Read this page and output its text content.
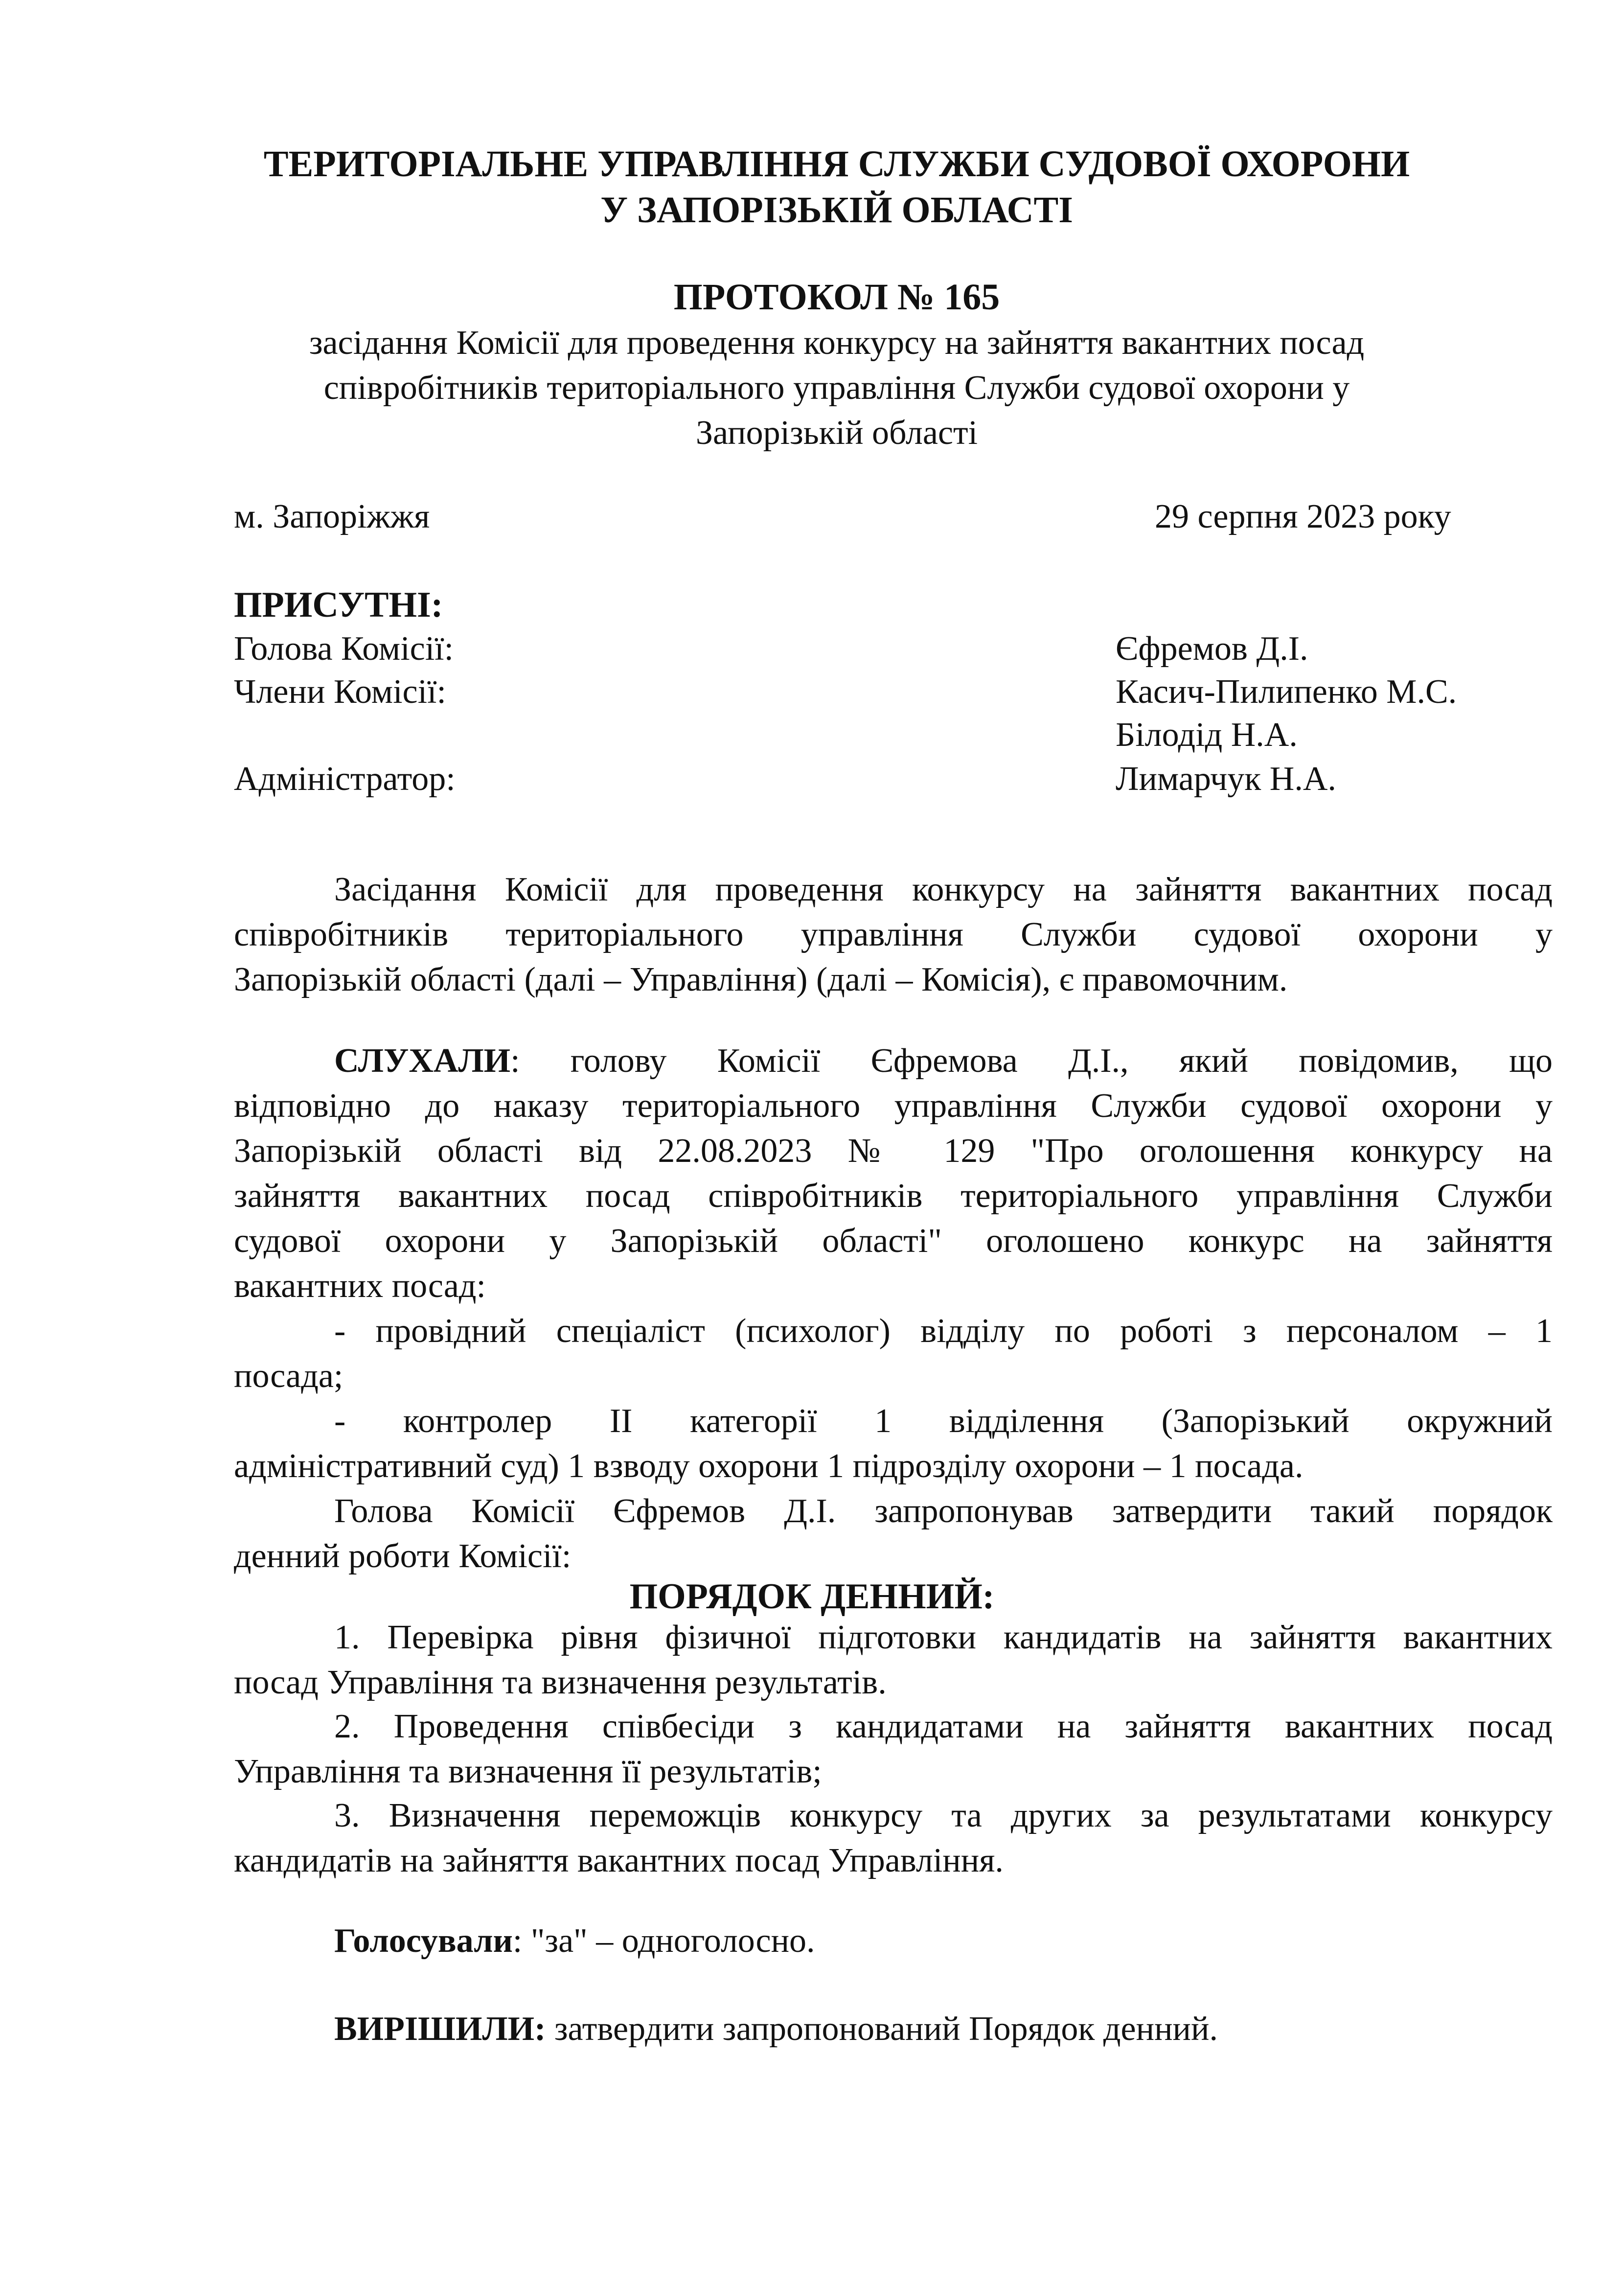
ТЕРИТОРІАЛЬНЕ УПРАВЛІННЯ СЛУЖБИ СУДОВОЇ ОХОРОНИ
У ЗАПОРІЗЬКІЙ ОБЛАСТІ
ПРОТОКОЛ № 165
засідання Комісії для проведення конкурсу на зайняття вакантних посад
співробітників територіального управління Служби судової охорони у
Запорізькій області
м. Запоріжжя	29 серпня 2023 року
ПРИСУТНІ:
Голова Комісії:	Єфремов Д.І.
Члени Комісії:	Касич-Пилипенко М.С.
Білодід Н.А.
Адміністратор:	Лимарчук Н.А.
Засідання Комісії для проведення конкурсу на зайняття вакантних посад
співробітників територіального управління Служби судової охорони у
Запорізькій області (далі – Управління) (далі – Комісія), є правомочним.
СЛУХАЛИ: голову Комісії Єфремова Д.І., який повідомив, що
відповідно до наказу територіального управління Служби судової охорони у
Запорізькій області від 22.08.2023 № 129 "Про оголошення конкурсу на
зайняття вакантних посад співробітників територіального управління Служби
судової охорони у Запорізькій області" оголошено конкурс на зайняття
вакантних посад:
- провідний спеціаліст (психолог) відділу по роботі з персоналом – 1
посада;
- контролер ІІ категорії 1 відділення (Запорізький окружний
адміністративний суд) 1 взводу охорони 1 підрозділу охорони – 1 посада.
Голова Комісії Єфремов Д.І. запропонував затвердити такий порядок
денний роботи Комісії:
ПОРЯДОК ДЕННИЙ:
1. Перевірка рівня фізичної підготовки кандидатів на зайняття вакантних
посад Управління та визначення результатів.
2. Проведення співбесіди з кандидатами на зайняття вакантних посад
Управління та визначення її результатів;
3. Визначення переможців конкурсу та других за результатами конкурсу
кандидатів на зайняття вакантних посад Управління.
Голосували: "за" – одноголосно.
ВИРІШИЛИ: затвердити запропонований Порядок денний.
